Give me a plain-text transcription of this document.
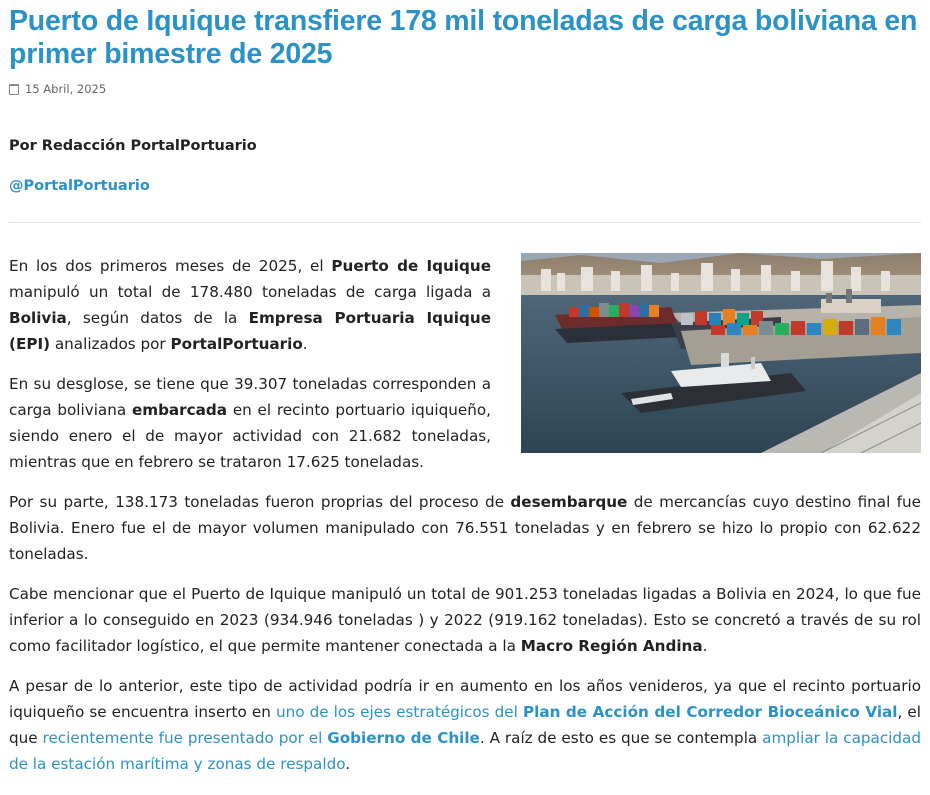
Puerto de Iquique transfiere 178 mil toneladas de carga boliviana en primer bimestre de 2025
15 Abril, 2025
Por Redacción PortalPortuario
@PortalPortuario

En los dos primeros meses de 2025, el Puerto de Iquique manipuló un total de 178.480 toneladas de carga ligada a Bolivia, según datos de la Empresa Portuaria Iquique (EPI) analizados por PortalPortuario.

En su desglose, se tiene que 39.307 toneladas corresponden a carga boliviana embarcada en el recinto portuario iquiqueño, siendo enero el de mayor actividad con 21.682 toneladas, mientras que en febrero se trataron 17.625 toneladas.

Por su parte, 138.173 toneladas fueron proprias del proceso de desembarque de mercancías cuyo destino final fue Bolivia. Enero fue el de mayor volumen manipulado con 76.551 toneladas y en febrero se hizo lo propio con 62.622 toneladas.

Cabe mencionar que el Puerto de Iquique manipuló un total de 901.253 toneladas ligadas a Bolivia en 2024, lo que fue inferior a lo conseguido en 2023 (934.946 toneladas ) y 2022 (919.162 toneladas). Esto se concretó a través de su rol como facilitador logístico, el que permite mantener conectada a la Macro Región Andina.

A pesar de lo anterior, este tipo de actividad podría ir en aumento en los años venideros, ya que el recinto portuario iquiqueño se encuentra inserto en uno de los ejes estratégicos del Plan de Acción del Corredor Bioceánico Vial, el que recientemente fue presentado por el Gobierno de Chile. A raíz de esto es que se contempla ampliar la capacidad de la estación marítima y zonas de respaldo.
